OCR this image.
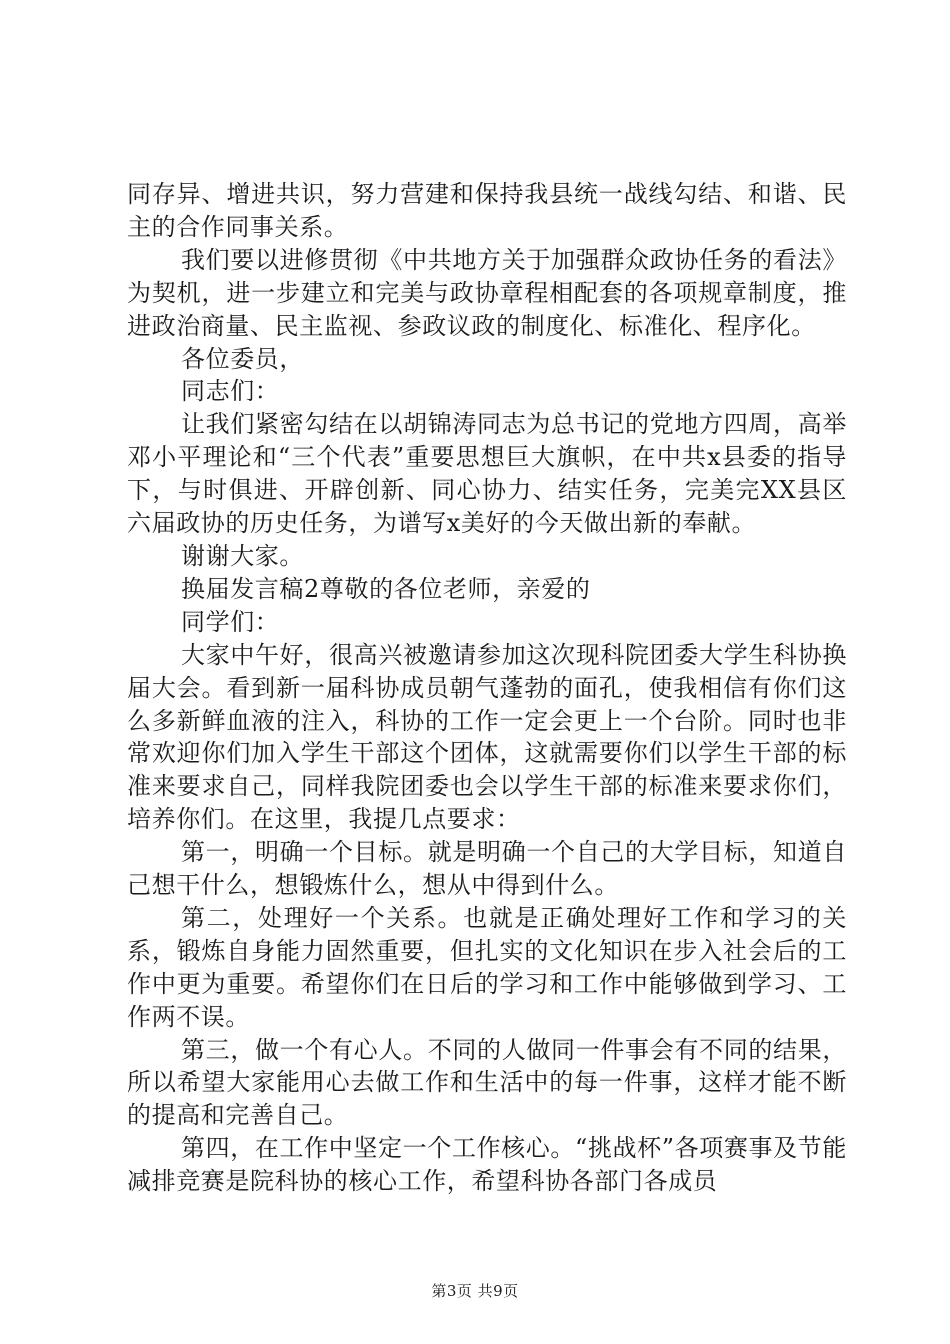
同存异、增进共识，努力营建和保持我县统一战线勾结、和谐、民主的合作同事关系。

我们要以进修贯彻《中共地方关于加强群众政协任务的看法》为契机，进一步建立和完美与政协章程相配套的各项规章制度，推进政治商量、民主监视、参政议政的制度化、标准化、程序化。

各位委员，

同志们：

让我们紧密勾结在以胡锦涛同志为总书记的党地方四周，高举邓小平理论和“三个代表”重要思想巨大旗帜，在中共x县委的指导下，与时俱进、开辟创新、同心协力、结实任务，完美完XX县区六届政协的历史任务，为谱写x美好的今天做出新的奉献。

谢谢大家。

换届发言稿2尊敬的各位老师，亲爱的

同学们：

大家中午好，很高兴被邀请参加这次现科院团委大学生科协换届大会。看到新一届科协成员朝气蓬勃的面孔，使我相信有你们这么多新鲜血液的注入，科协的工作一定会更上一个台阶。同时也非常欢迎你们加入学生干部这个团体，这就需要你们以学生干部的标准来要求自己，同样我院团委也会以学生干部的标准来要求你们，培养你们。在这里，我提几点要求：

第一，明确一个目标。就是明确一个自己的大学目标，知道自己想干什么，想锻炼什么，想从中得到什么。

第二，处理好一个关系。也就是正确处理好工作和学习的关系，锻炼自身能力固然重要，但扎实的文化知识在步入社会后的工作中更为重要。希望你们在日后的学习和工作中能够做到学习、工作两不误。

第三，做一个有心人。不同的人做同一件事会有不同的结果，所以希望大家能用心去做工作和生活中的每一件事，这样才能不断的提高和完善自己。

第四，在工作中坚定一个工作核心。“挑战杯”各项赛事及节能减排竞赛是院科协的核心工作，希望科协各部门各成员

第3页 共9页
